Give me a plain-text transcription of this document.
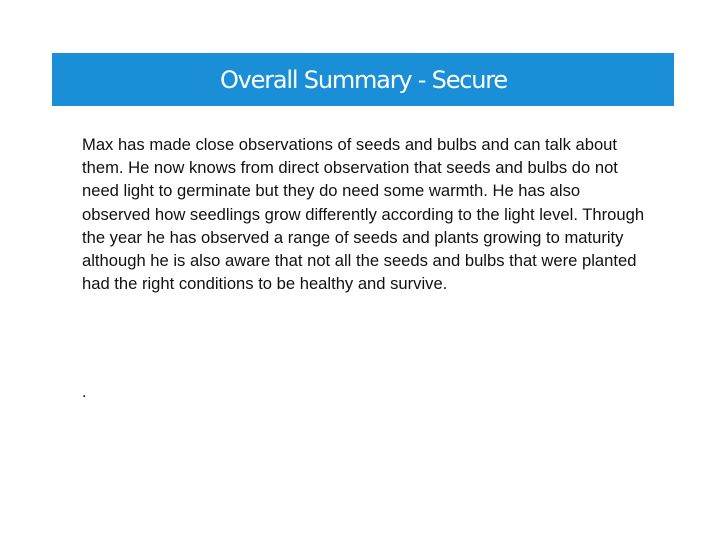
Overall Summary - Secure

Max has made close observations of seeds and bulbs and can talk about them. He now knows from direct observation that seeds and bulbs do not need light to germinate but they do need some warmth. He has also observed how seedlings grow differently according to the light level. Through the year he has observed a range of seeds and plants growing to maturity although he is also aware that not all the seeds and bulbs that were planted had the right conditions to be healthy and survive.

.
